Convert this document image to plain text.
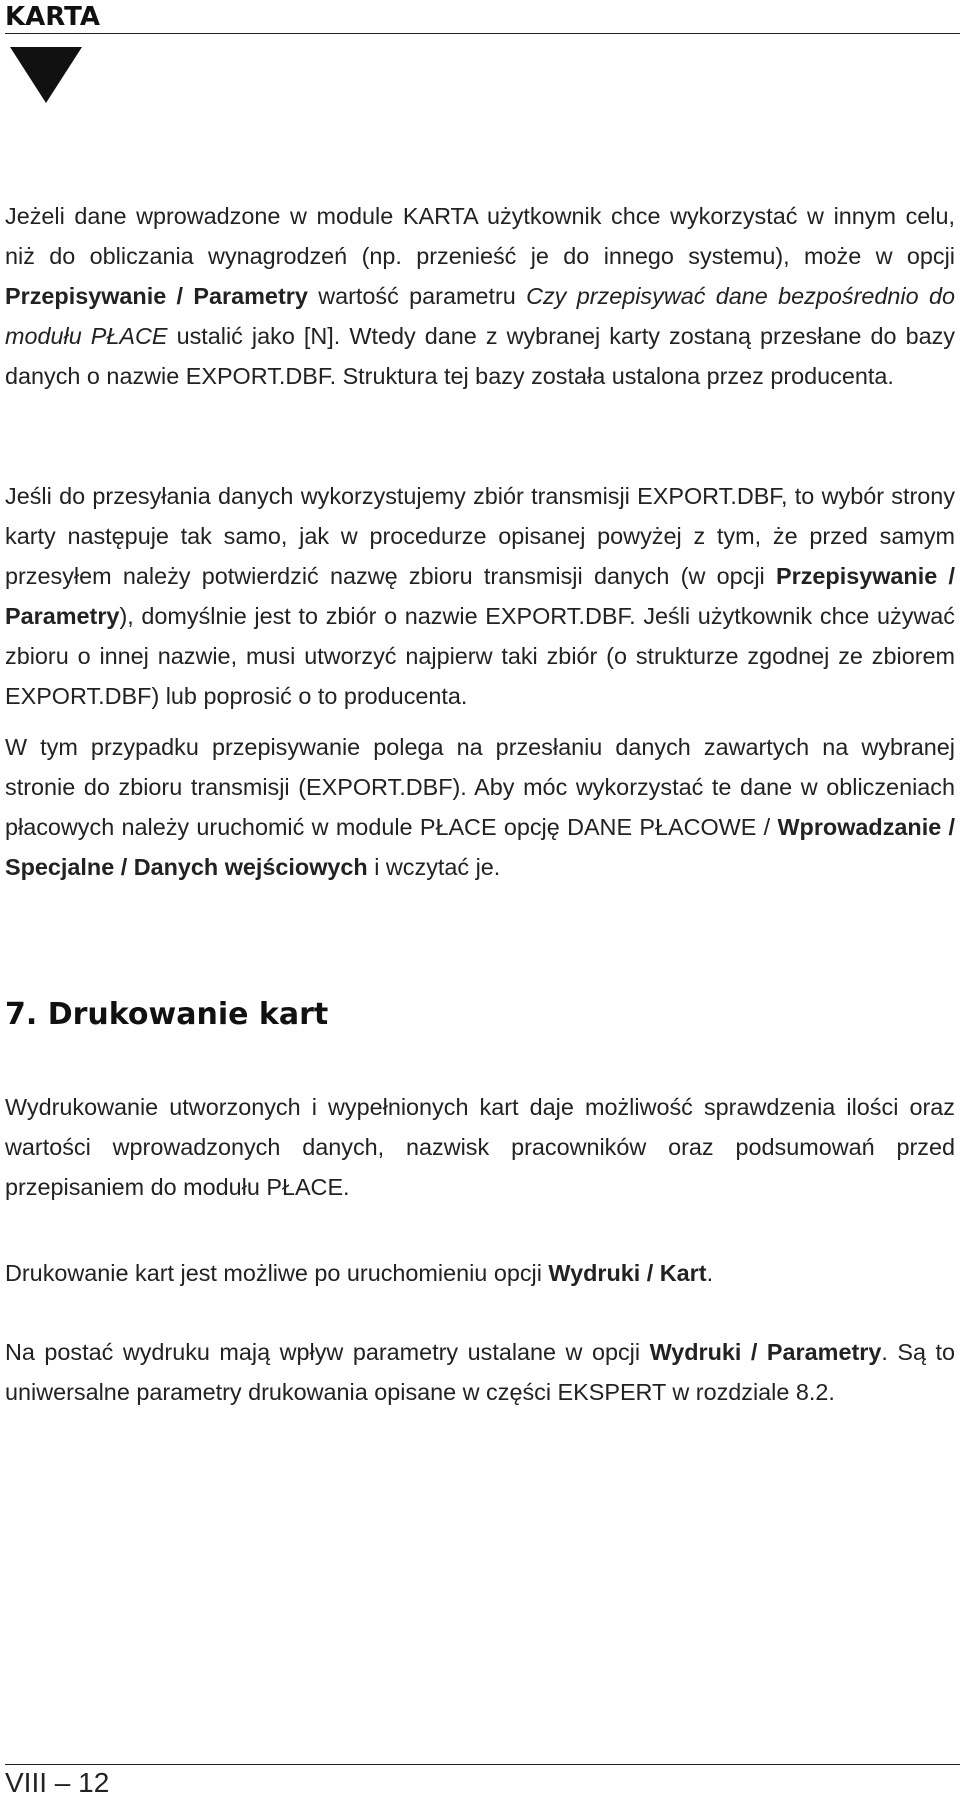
KARTA

Jeżeli dane wprowadzone w module KARTA użytkownik chce wykorzystać w innym celu, niż do obliczania wynagrodzeń (np. przenieść je do innego systemu), może w opcji Przepisywanie / Parametry wartość parametru Czy przepisywać dane bezpośrednio do modułu PŁACE ustalić jako [N]. Wtedy dane z wybranej karty zostaną przesłane do bazy danych o nazwie EXPORT.DBF. Struktura tej bazy została ustalona przez producenta.

Jeśli do przesyłania danych wykorzystujemy zbiór transmisji EXPORT.DBF, to wybór strony karty następuje tak samo, jak w procedurze opisanej powyżej z tym, że przed samym przesyłem należy potwierdzić nazwę zbioru transmisji danych (w opcji Przepisywanie / Parametry), domyślnie jest to zbiór o nazwie EXPORT.DBF. Jeśli użytkownik chce używać zbioru o innej nazwie, musi utworzyć najpierw taki zbiór (o strukturze zgodnej ze zbiorem EXPORT.DBF) lub poprosić o to producenta.

W tym przypadku przepisywanie polega na przesłaniu danych zawartych na wybranej stronie do zbioru transmisji (EXPORT.DBF). Aby móc wykorzystać te dane w obliczeniach płacowych należy uruchomić w module PŁACE opcję DANE PŁACOWE / Wprowadzanie / Specjalne / Danych wejściowych i wczytać je.

7. Drukowanie kart

Wydrukowanie utworzonych i wypełnionych kart daje możliwość sprawdzenia ilości oraz wartości wprowadzonych danych, nazwisk pracowników oraz podsumowań przed przepisaniem do modułu PŁACE.

Drukowanie kart jest możliwe po uruchomieniu opcji Wydruki / Kart.

Na postać wydruku mają wpływ parametry ustalane w opcji Wydruki / Parametry. Są to uniwersalne parametry drukowania opisane w części EKSPERT w rozdziale 8.2.

VIII – 12
